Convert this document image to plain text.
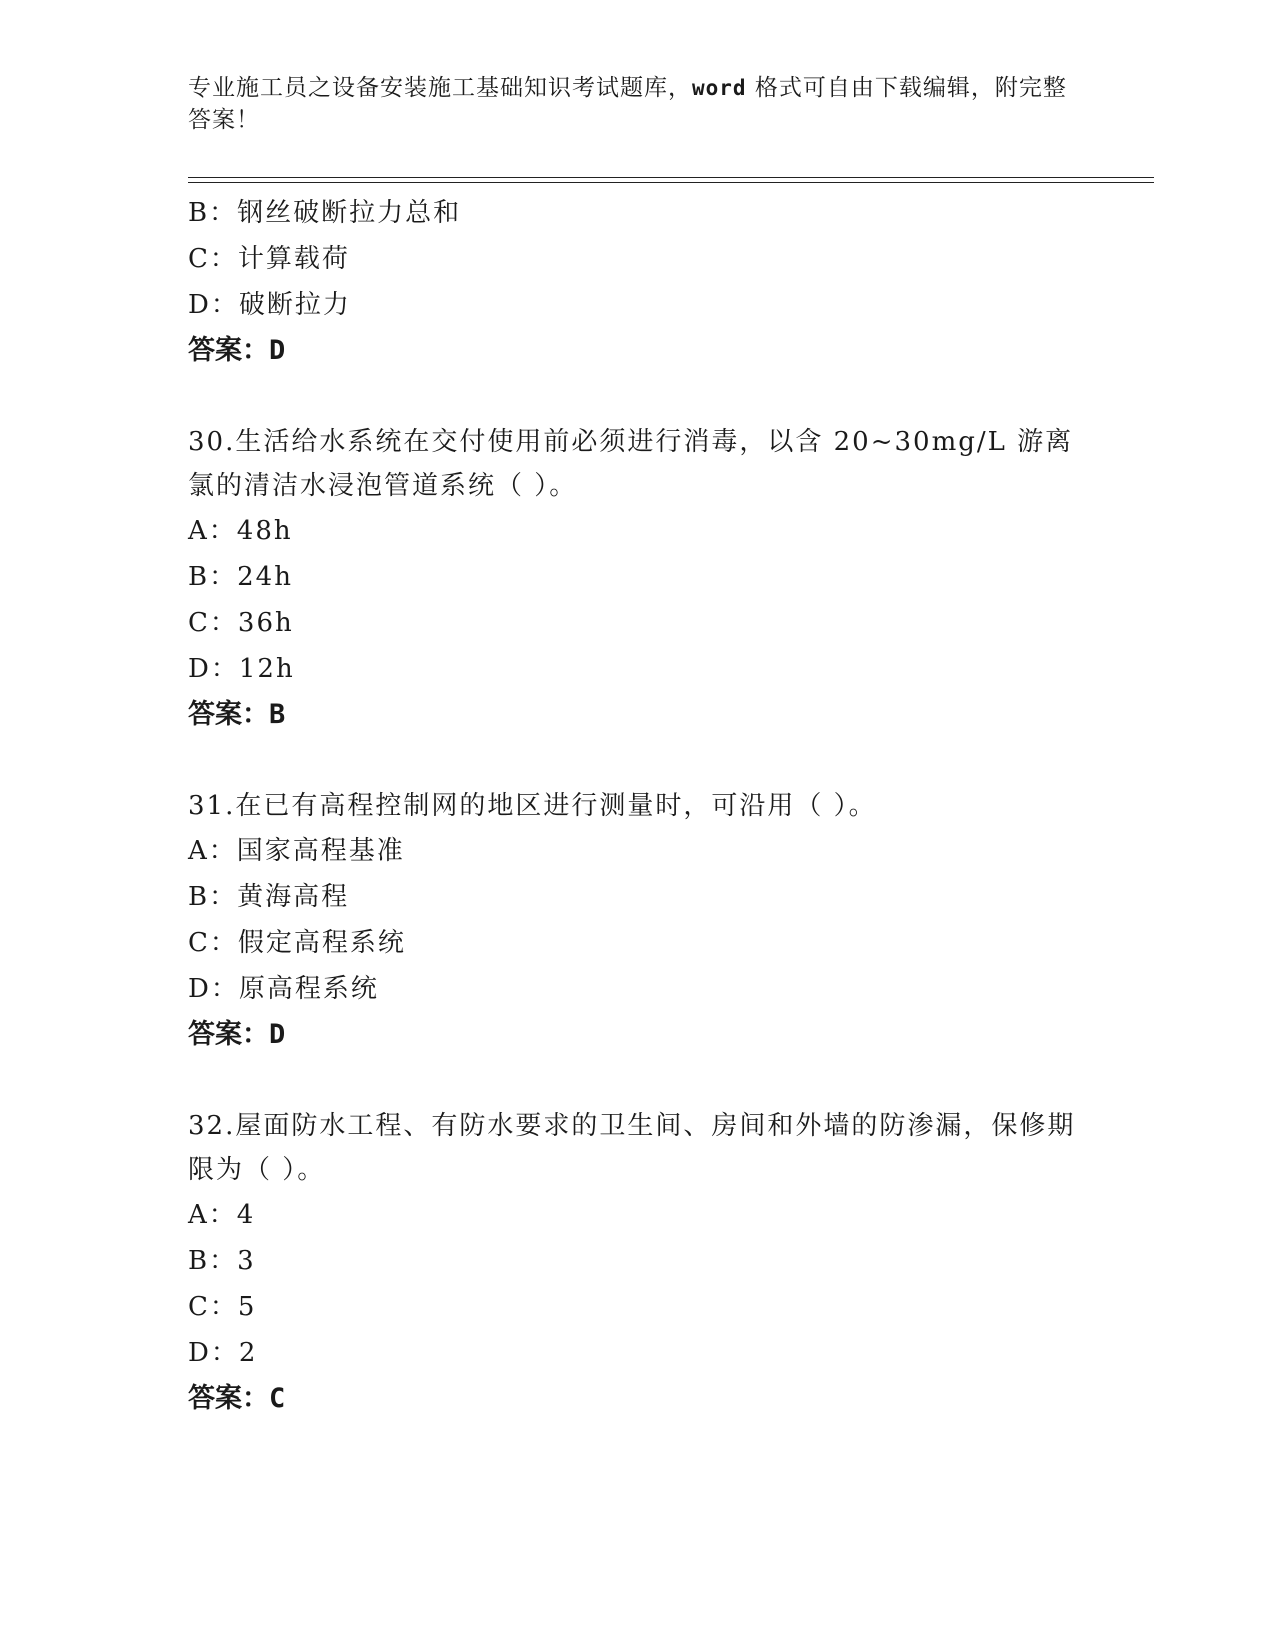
专业施工员之设备安装施工基础知识考试题库，word 格式可自由下载编辑，附完整答案！
B：钢丝破断拉力总和
C：计算载荷
D：破断拉力
答案：D
30.生活给水系统在交付使用前必须进行消毒，以含 20~30mg/L 游离氯的清洁水浸泡管道系统（ ）。
A：48h
B：24h
C：36h
D：12h
答案：B
31.在已有高程控制网的地区进行测量时，可沿用（ ）。
A：国家高程基准
B：黄海高程
C：假定高程系统
D：原高程系统
答案：D
32.屋面防水工程、有防水要求的卫生间、房间和外墙的防渗漏，保修期限为（ ）。
A：4
B：3
C：5
D：2
答案：C
